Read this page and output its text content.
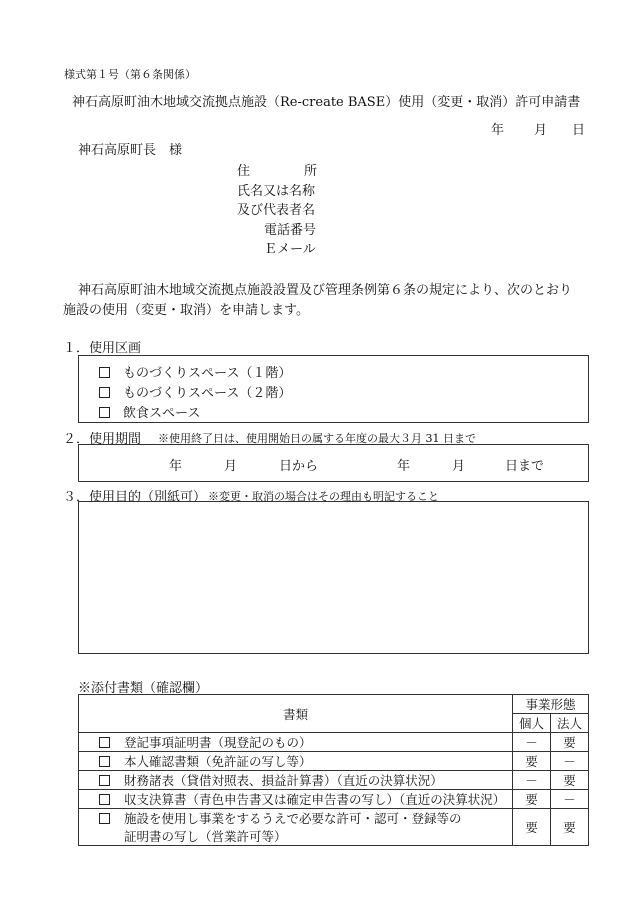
様式第１号（第６条関係）
神石高原町油木地域交流拠点施設（Re-create BASE）使用（変更・取消）許可申請書
年 月 日
神石高原町長　様
住	所
氏名又は名称
及び代表者名
電話番号
Ｅメール
神石高原町油木地域交流拠点施設設置及び管理条例第６条の規定により、次のとおり
施設の使用（変更・取消）を申請します。
１．使用区画
ものづくりスペース（１階）
ものづくりスペース（２階）
飲食スペース
２．使用期間 ※使用終了日は、使用開始日の属する年度の最大３月 31 日まで
年	月	日から	年	月	日まで
３．使用目的（別紙可） ※変更・取消の場合はその理由も明記すること
※添付書類（確認欄）
書類	事業形態	
	個人	法人
登記事項証明書（現登記のもの）	－	要
本人確認書類（免許証の写し等）	要	－
財務諸表（貸借対照表、損益計算書）（直近の決算状況）	－	要
収支決算書（青色申告書又は確定申告書の写し）（直近の決算状況）	要	－

施設を使用し事業をするうえで必要な許可・認可・登録等の
証明書の写し（営業許可等）	要	要
